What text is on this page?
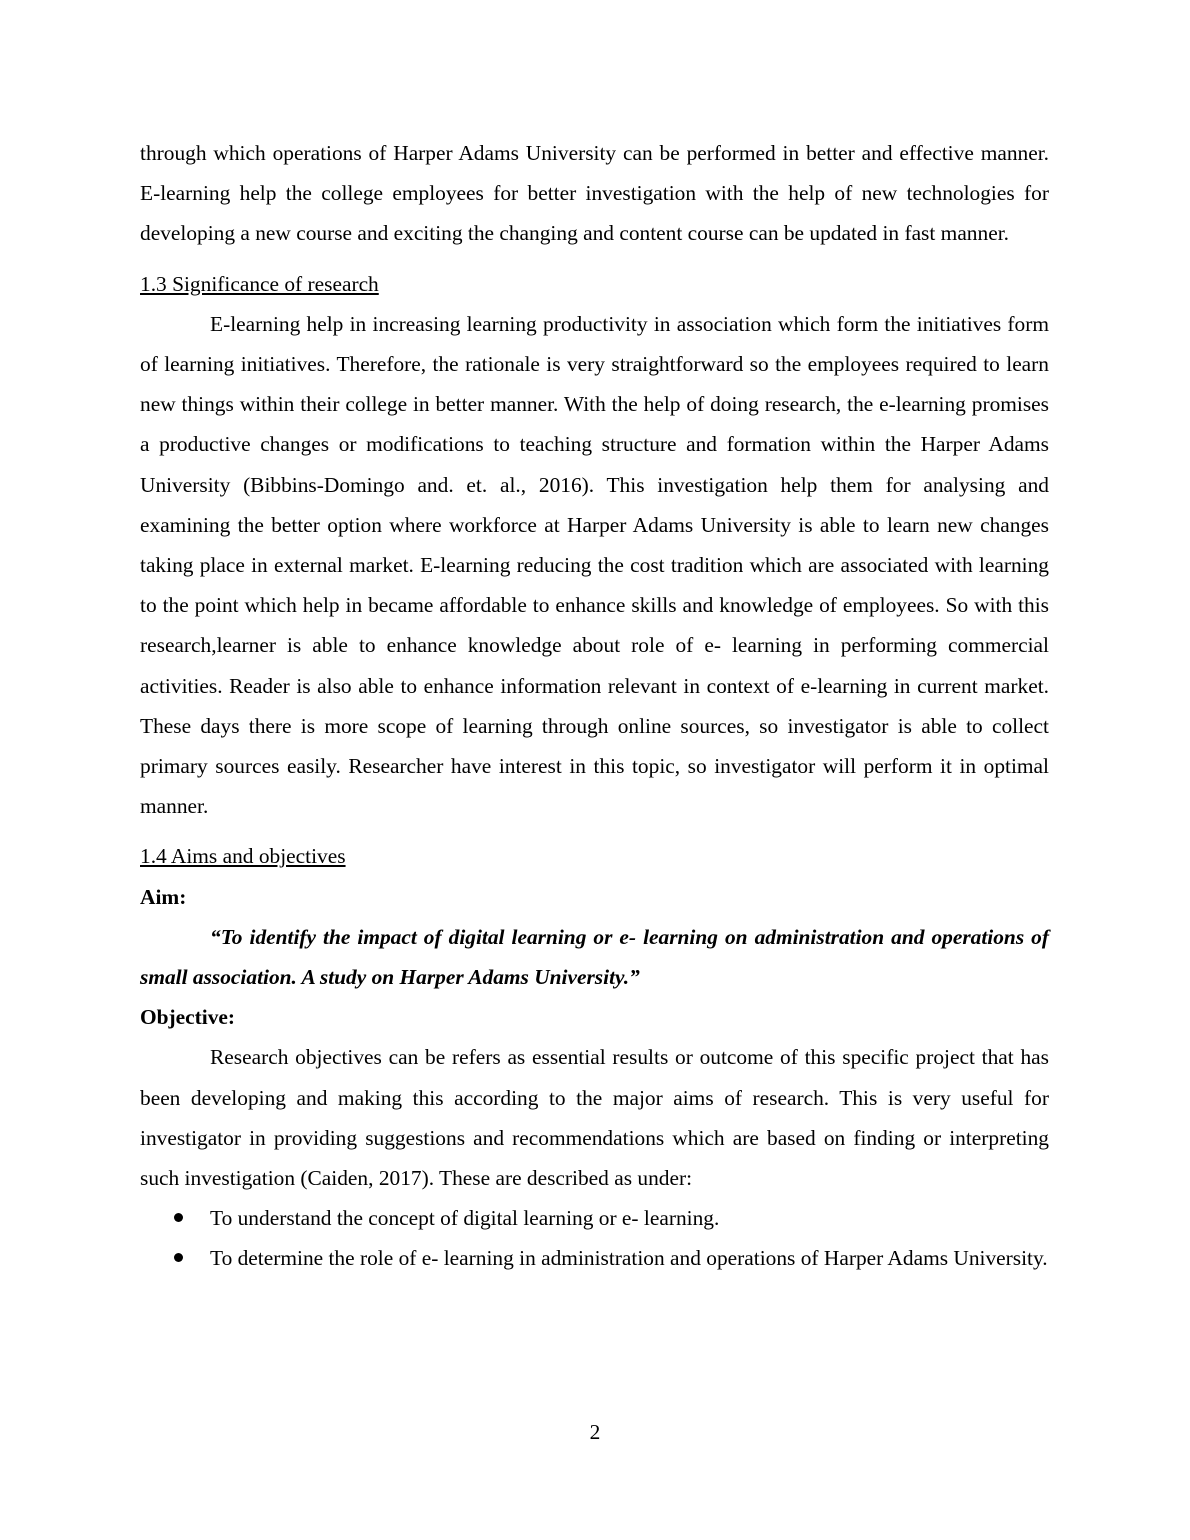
through which operations of Harper Adams University can be performed in better and effective manner. E-learning help the college employees for better investigation with the help of new technologies for developing a new course and exciting the changing and content course can be updated in fast manner.

1.3 Significance of research

E-learning help in increasing learning productivity in association which form the initiatives form of learning initiatives. Therefore, the rationale is very straightforward so the employees required to learn new things within their college in better manner. With the help of doing research, the e-learning promises a productive changes or modifications to teaching structure and formation within the Harper Adams University (Bibbins-Domingo and. et. al., 2016). This investigation help them for analysing and examining the better option where workforce at Harper Adams University is able to learn new changes taking place in external market. E-learning reducing the cost tradition which are associated with learning to the point which help in became affordable to enhance skills and knowledge of employees. So with this research,learner is able to enhance knowledge about role of e- learning in performing commercial activities. Reader is also able to enhance information relevant in context of e-learning in current market. These days there is more scope of learning through online sources, so investigator is able to collect primary sources easily. Researcher have interest in this topic, so investigator will perform it in optimal manner.

1.4 Aims and objectives

Aim:

“To identify the impact of digital learning or e- learning on administration and operations of small association. A study on Harper Adams University.”

Objective:

Research objectives can be refers as essential results or outcome of this specific project that has been developing and making this according to the major aims of research. This is very useful for investigator in providing suggestions and recommendations which are based on finding or interpreting such investigation (Caiden, 2017). These are described as under:

To understand the concept of digital learning or e- learning.
To determine the role of e- learning in administration and operations of Harper Adams University.
2
